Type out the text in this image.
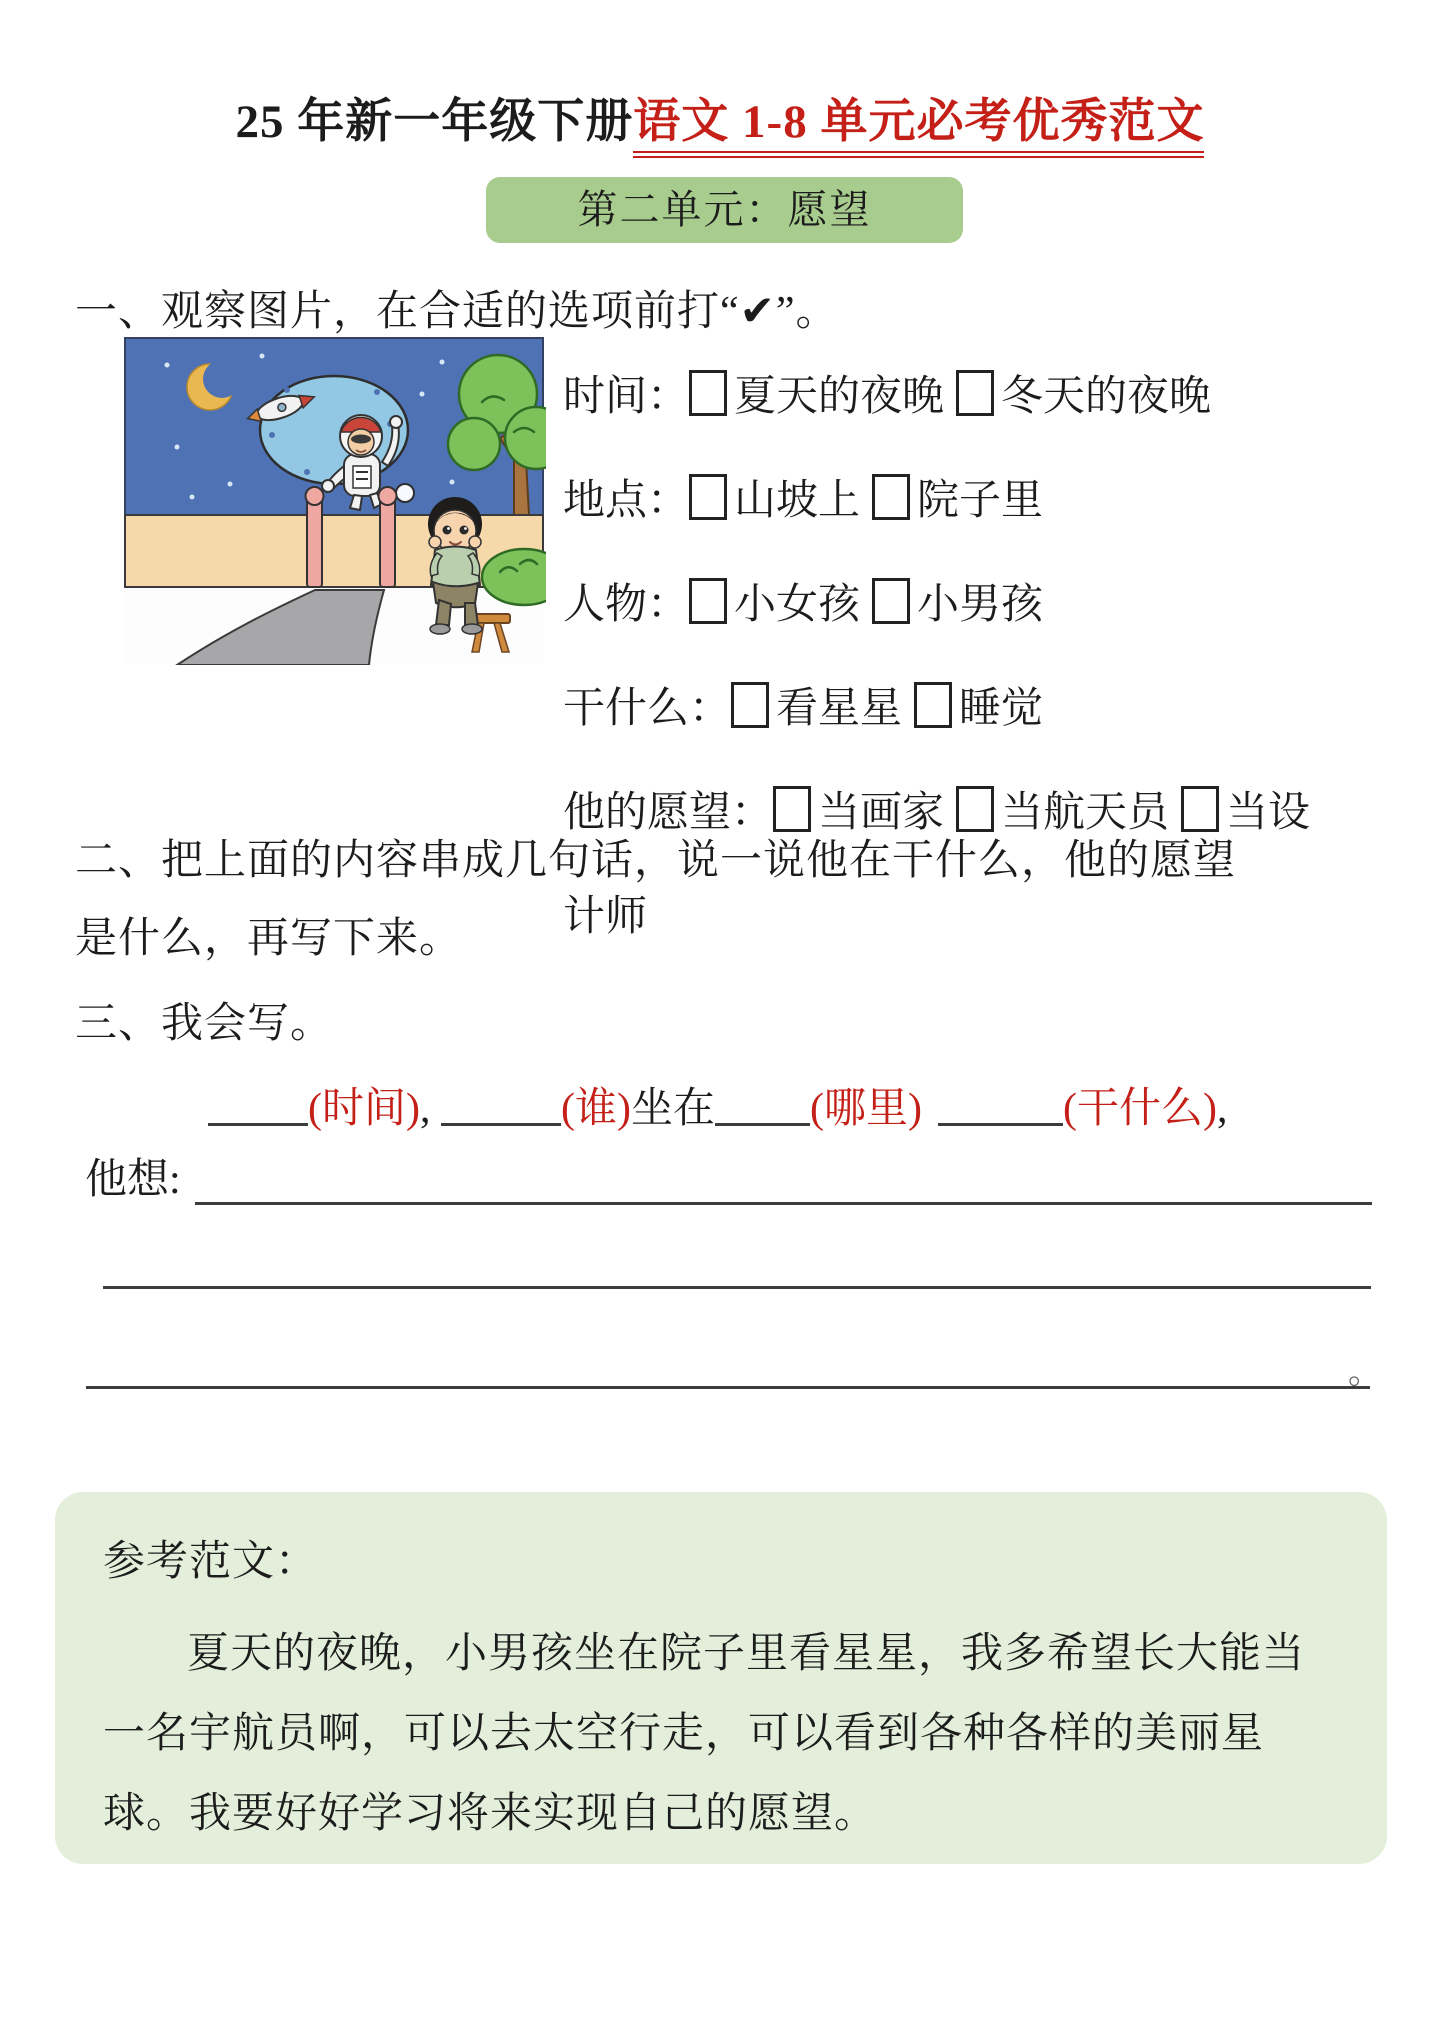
25 年新一年级下册语文 1-8 单元必考优秀范文
第二单元：愿望
一、观察图片，在合适的选项前打“✔”。
时间： 夏天的夜晚 冬天的夜晚
地点： 山坡上 院子里
人物： 小女孩 小男孩
干什么： 看星星 睡觉
他的愿望： 当画家 当航天员 当设计师
二、把上面的内容串成几句话，说一说他在干什么，他的愿望
是什么，再写下来。
三、我会写。
(时间),	(谁)坐在 (哪里)	(干什么),
他想:
。
参考范文：
夏天的夜晚，小男孩坐在院子里看星星，我多希望长大能当一名宇航员啊，可以去太空行走，可以看到各种各样的美丽星球。我要好好学习将来实现自己的愿望。
